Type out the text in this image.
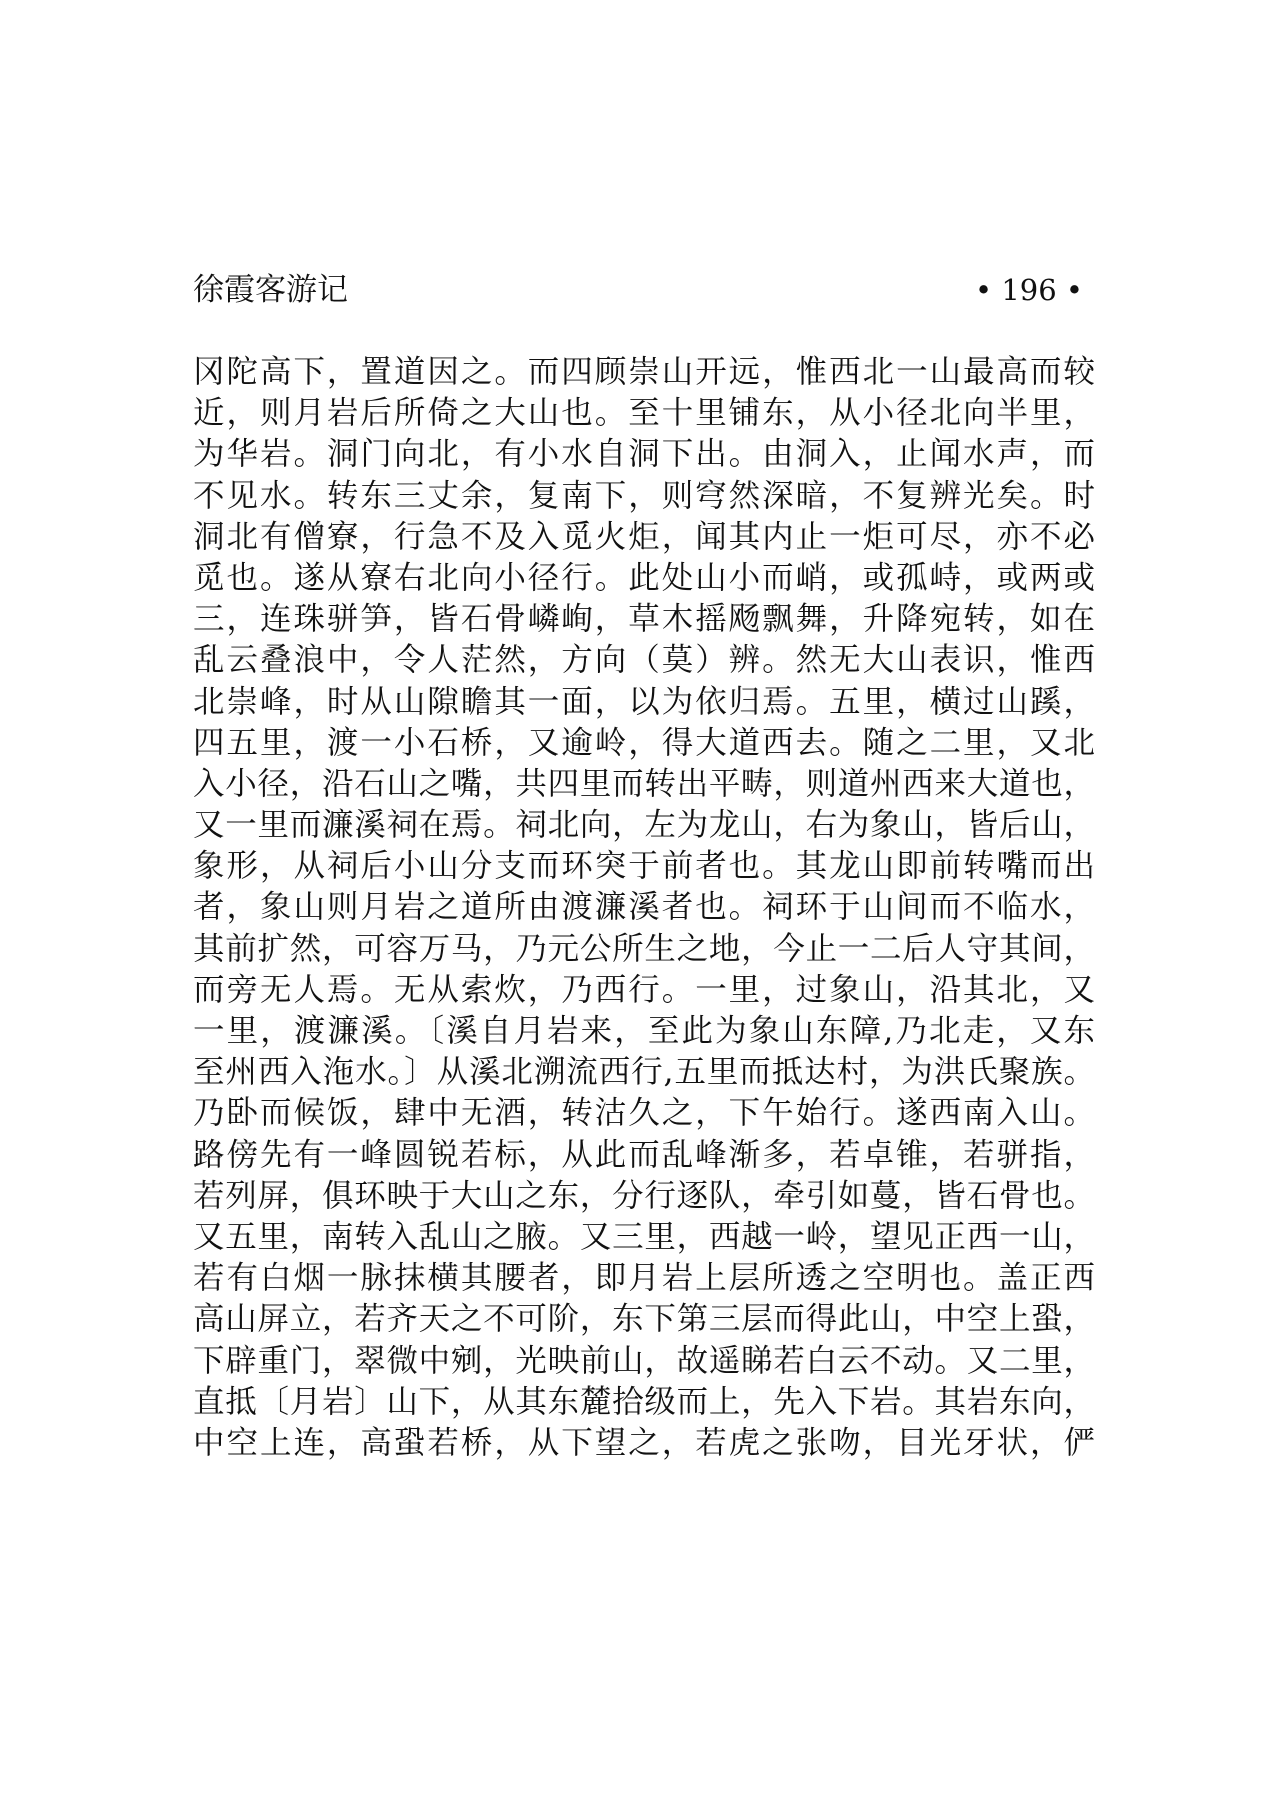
徐霞客游记	• 196 •
冈陀高下，置道因之。而四顾崇山开远，惟西北一山最高而较
近，则月岩后所倚之大山也。至十里铺东，从小径北向半里，
为华岩。洞门向北，有小水自洞下出。由洞入，止闻水声，而
不见水。转东三丈余，复南下，则穹然深暗，不复辨光矣。时
洞北有僧寮，行急不及入觅火炬，闻其内止一炬可尽，亦不必
觅也。遂从寮右北向小径行。此处山小而峭，或孤峙，或两或
三，连珠骈笋，皆石骨嶙峋，草木摇飏飘舞，升降宛转，如在
乱云叠浪中，令人茫然，方向（莫）辨。然无大山表识，惟西
北崇峰，时从山隙瞻其一面，以为依归焉。五里，横过山蹊，
四五里，渡一小石桥，又逾岭，得大道西去。随之二里，又北
入小径，沿石山之嘴，共四里而转出平畴，则道州西来大道也，
又一里而濂溪祠在焉。祠北向，左为龙山，右为象山，皆后山，
象形，从祠后小山分支而环突于前者也。其龙山即前转嘴而出
者，象山则月岩之道所由渡濂溪者也。祠环于山间而不临水，
其前扩然，可容万马，乃元公所生之地，今止一二后人守其间，
而旁无人焉。无从索炊，乃西行。一里，过象山，沿其北，又
一里，渡濂溪。〔溪自月岩来，至此为象山东障,乃北走，又东
至州西入沲水。〕从溪北溯流西行,五里而抵达村，为洪氏聚族。
乃卧而候饭，肆中无酒，转沽久之，下午始行。遂西南入山。
路傍先有一峰圆锐若标，从此而乱峰渐多，若卓锥，若骈指，
若列屏，俱环映于大山之东，分行逐队，牵引如蔓，皆石骨也。
又五里，南转入乱山之腋。又三里，西越一岭，望见正西一山，
若有白烟一脉抹横其腰者，即月岩上层所透之空明也。盖正西
高山屏立，若齐天之不可阶，东下第三层而得此山，中空上蛩，
下辟重门，翠微中剜，光映前山，故遥睇若白云不动。又二里，
直抵〔月岩〕山下，从其东麓拾级而上，先入下岩。其岩东向，
中空上连，高蛩若桥，从下望之，若虎之张吻，目光牙状，俨
